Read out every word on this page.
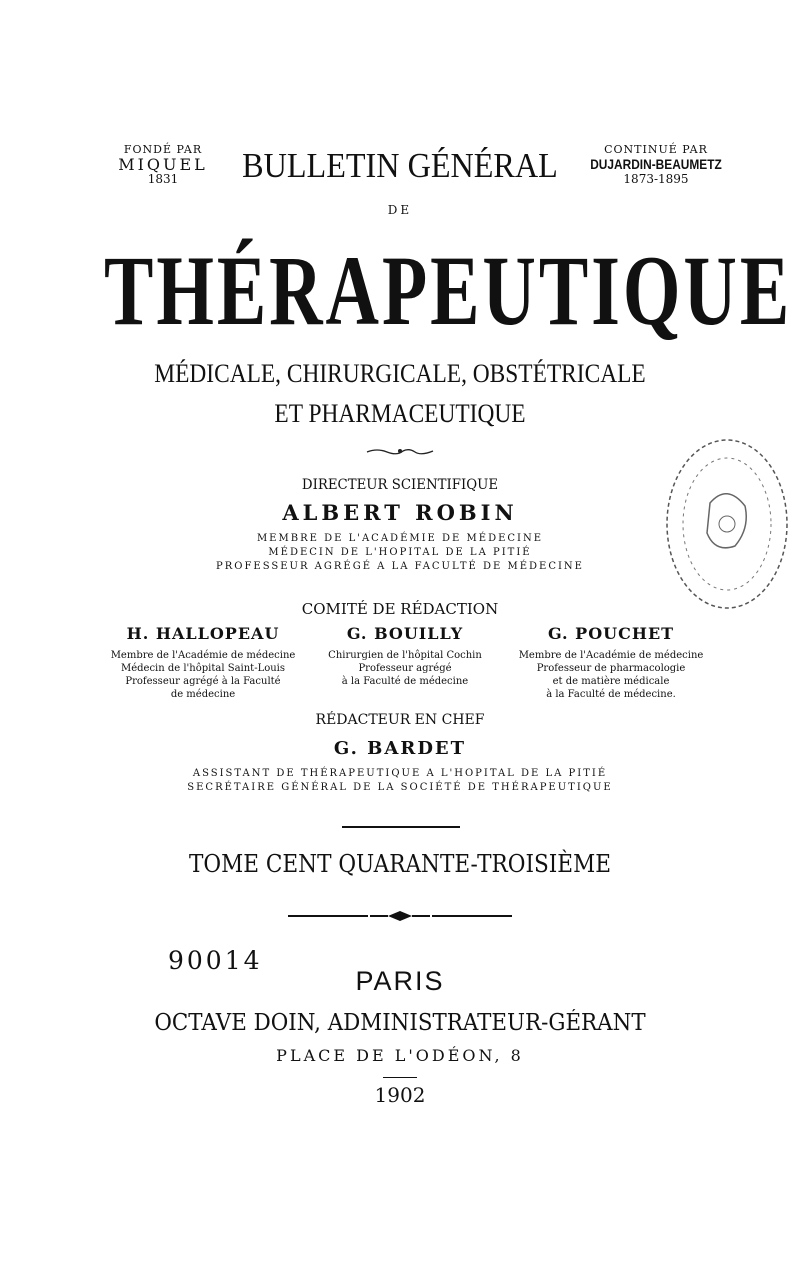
FONDÉ PAR
MIQUEL
1831	BULLETIN GÉNÉRAL	CONTINUÉ PAR
DUJARDIN-BEAUMETZ
1873-1895
DE
THÉRAPEUTIQUE
MÉDICALE, CHIRURGICALE, OBSTÉTRICALE
ET PHARMACEUTIQUE
DIRECTEUR SCIENTIFIQUE
ALBERT ROBIN
MEMBRE DE L'ACADÉMIE DE MÉDECINE
MÉDECIN DE L'HOPITAL DE LA PITIÉ
PROFESSEUR AGRÉGÉ A LA FACULTÉ DE MÉDECINE
COMITÉ DE RÉDACTION
H. HALLOPEAU
Membre de l'Académie de médecine
Médecin de l'hôpital Saint-Louis
Professeur agrégé à la Faculté
de médecine
G. BOUILLY
Chirurgien de l'hôpital Cochin
Professeur agrégé
à la Faculté de médecine
G. POUCHET
Membre de l'Académie de médecine
Professeur de pharmacologie
et de matière médicale
à la Faculté de médecine.
RÉDACTEUR EN CHEF
G. BARDET
ASSISTANT DE THÉRAPEUTIQUE A L'HOPITAL DE LA PITIÉ
SECRÉTAIRE GÉNÉRAL DE LA SOCIÉTÉ DE THÉRAPEUTIQUE
TOME CENT QUARANTE-TROISIÈME
90014
PARIS
OCTAVE DOIN, ADMINISTRATEUR-GÉRANT
PLACE DE L'ODÉON, 8
1902
